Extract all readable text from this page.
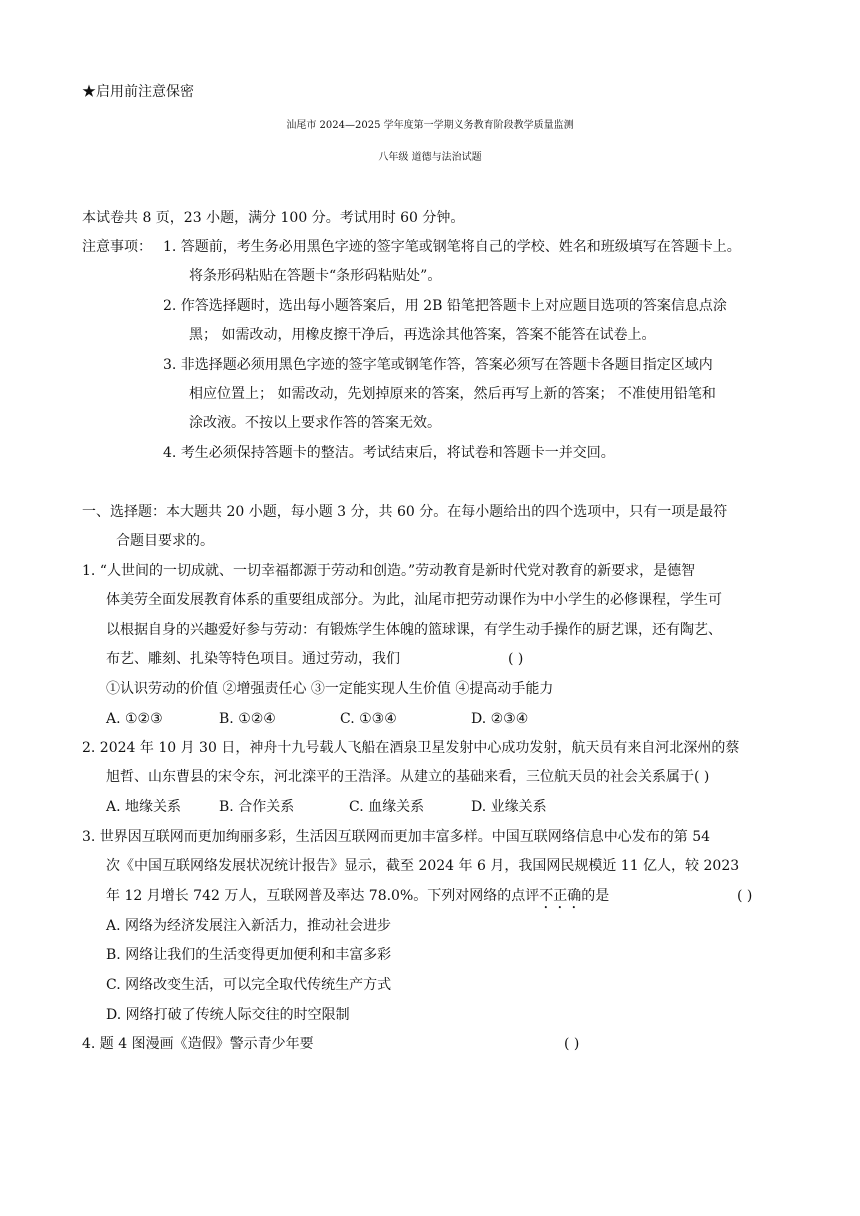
★启用前注意保密
汕尾市 2024—2025 学年度第一学期义务教育阶段教学质量监测
八年级 道德与法治试题
本试卷共 8 页，23 小题，满分 100 分。考试用时 60 分钟。
注意事项： 1. 答题前，考生务必用黑色字迹的签字笔或钢笔将自己的学校、姓名和班级填写在答题卡上。
将条形码粘贴在答题卡“条形码粘贴处”。
2. 作答选择题时，选出每小题答案后，用 2B 铅笔把答题卡上对应题目选项的答案信息点涂
黑； 如需改动，用橡皮擦干净后，再选涂其他答案，答案不能答在试卷上。
3. 非选择题必须用黑色字迹的签字笔或钢笔作答，答案必须写在答题卡各题目指定区域内
相应位置上； 如需改动，先划掉原来的答案，然后再写上新的答案； 不准使用铅笔和
涂改液。不按以上要求作答的答案无效。
4. 考生必须保持答题卡的整洁。考试结束后，将试卷和答题卡一并交回。
一、选择题：本大题共 20 小题，每小题 3 分，共 60 分。在每小题给出的四个选项中，只有一项是最符
合题目要求的。
1. “人世间的一切成就、一切幸福都源于劳动和创造。”劳动教育是新时代党对教育的新要求，是德智
体美劳全面发展教育体系的重要组成部分。为此，汕尾市把劳动课作为中小学生的必修课程，学生可
以根据自身的兴趣爱好参与劳动：有锻炼学生体魄的篮球课，有学生动手操作的厨艺课，还有陶艺、
布艺、雕刻、扎染等特色项目。通过劳动，我们	( )
①认识劳动的价值 ②增强责任心 ③一定能实现人生价值 ④提高动手能力
A. ①②③	B. ①②④	C. ①③④	D. ②③④
2. 2024 年 10 月 30 日，神舟十九号载人飞船在酒泉卫星发射中心成功发射，航天员有来自河北深州的蔡
旭哲、山东曹县的宋令东，河北滦平的王浩泽。从建立的基础来看，三位航天员的社会关系属于( )
A. 地缘关系	B. 合作关系	C. 血缘关系	D. 业缘关系
3. 世界因互联网而更加绚丽多彩，生活因互联网而更加丰富多样。中国互联网络信息中心发布的第 54
次《中国互联网络发展状况统计报告》显示，截至 2024 年 6 月，我国网民规模近 11 亿人，较 2023
年 12 月增长 742 万人，互联网普及率达 78.0%。下列对网络的点评不正确的是	( )
A. 网络为经济发展注入新活力，推动社会进步
B. 网络让我们的生活变得更加便利和丰富多彩
C. 网络改变生活，可以完全取代传统生产方式
D. 网络打破了传统人际交往的时空限制
4. 题 4 图漫画《造假》警示青少年要	( )
